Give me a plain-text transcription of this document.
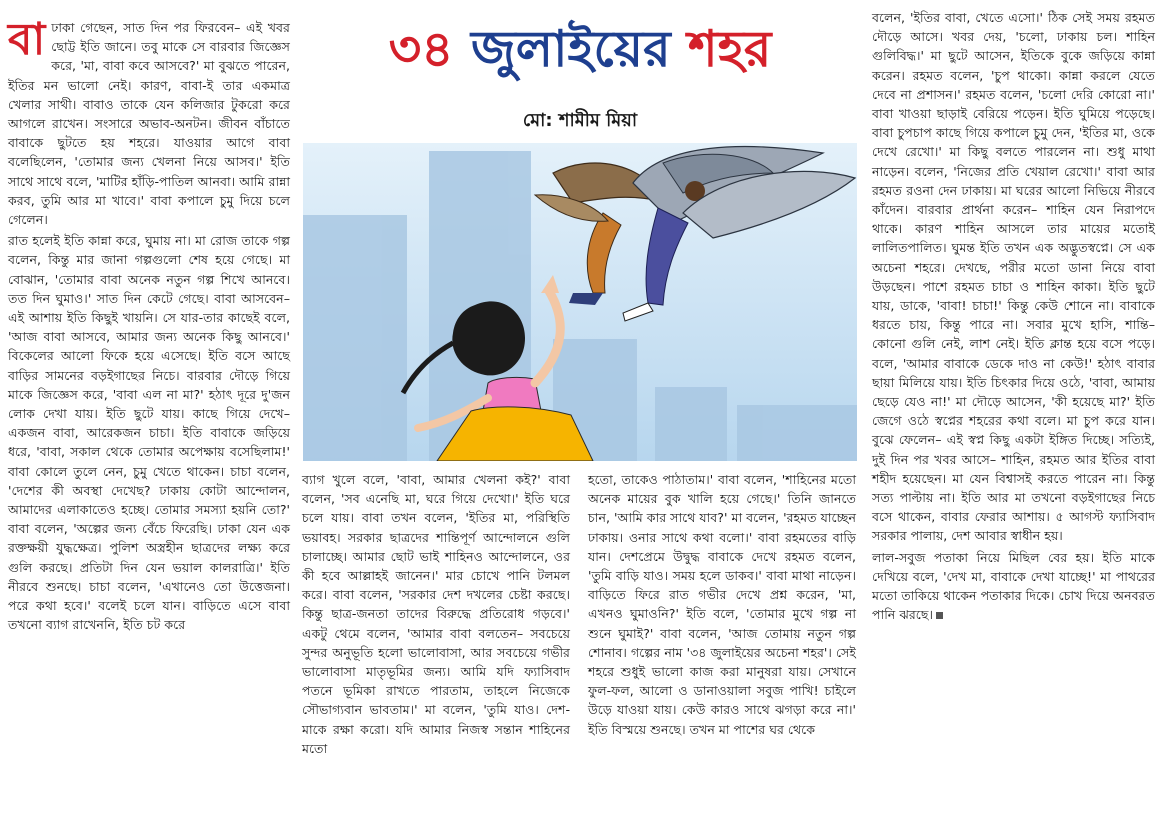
৩৪ জুলাইয়ের শহর
মো: শামীম মিয়া
বা ঢাকা গেছেন, সাত দিন পর ফিরবেন– এই খবর ছোট্ট ইতি জানে। তবু মাকে সে বারবার জিজ্ঞেস করে, 'মা, বাবা কবে আসবে?' মা বুঝতে পারেন, ইতির মন ভালো নেই। কারণ, বাবা-ই তার একমাত্র খেলার সাথী। বাবাও তাকে যেন কলিজার টুকরো করে আগলে রাখেন। সংসারে অভাব-অনটন। জীবন বাঁচাতে বাবাকে ছুটতে হয় শহরে। যাওয়ার আগে বাবা বলেছিলেন, 'তোমার জন্য খেলনা নিয়ে আসব।' ইতি সাথে সাথে বলে, 'মাটির হাঁড়ি-পাতিল আনবা। আমি রান্না করব, তুমি আর মা খাবে।' বাবা কপালে চুমু দিয়ে চলে গেলেন।

রাত হলেই ইতি কান্না করে, ঘুমায় না। মা রোজ তাকে গল্প বলেন, কিন্তু মার জানা গল্পগুলো শেষ হয়ে গেছে। মা বোঝান, 'তোমার বাবা অনেক নতুন গল্প শিখে আনবে। তত দিন ঘুমাও।' সাত দিন কেটে গেছে। বাবা আসবেন– এই আশায় ইতি কিছুই খায়নি। সে যার-তার কাছেই বলে, 'আজ বাবা আসবে, আমার জন্য অনেক কিছু আনবে।' বিকেলের আলো ফিকে হয়ে এসেছে। ইতি বসে আছে বাড়ির সামনের বড়ইগাছের নিচে। বারবার দৌড়ে গিয়ে মাকে জিজ্ঞেস করে, 'বাবা এল না মা?' হঠাৎ দূরে দু'জন লোক দেখা যায়। ইতি ছুটে যায়। কাছে গিয়ে দেখে– একজন বাবা, আরেকজন চাচা। ইতি বাবাকে জড়িয়ে ধরে, 'বাবা, সকাল থেকে তোমার অপেক্ষায় বসেছিলাম!' বাবা কোলে তুলে নেন, চুমু খেতে থাকেন। চাচা বলেন, 'দেশের কী অবস্থা দেখেছ? ঢাকায় কোটা আন্দোলন, আমাদের এলাকাতেও হচ্ছে। তোমার সমস্যা হয়নি তো?' বাবা বলেন, 'অল্পের জন্য বেঁচে ফিরেছি। ঢাকা যেন এক রক্তক্ষয়ী যুদ্ধক্ষেত্র। পুলিশ অস্ত্রহীন ছাত্রদের লক্ষ্য করে গুলি করছে। প্রতিটা দিন যেন ভয়াল কালরাত্রি।' ইতি নীরবে শুনছে। চাচা বলেন, 'এখানেও তো উত্তেজনা। পরে কথা হবে।' বলেই চলে যান। বাড়িতে এসে বাবা তখনো ব্যাগ রাখেননি, ইতি চট করে

ব্যাগ খুলে বলে, 'বাবা, আমার খেলনা কই?' বাবা বলেন, 'সব এনেছি মা, ঘরে গিয়ে দেখো।' ইতি ঘরে চলে যায়। বাবা তখন বলেন, 'ইতির মা, পরিস্থিতি ভয়াবহ। সরকার ছাত্রদের শান্তিপূর্ণ আন্দোলনে গুলি চালাচ্ছে। আমার ছোট ভাই শাহিনও আন্দোলনে, ওর কী হবে আল্লাহই জানেন।' মার চোখে পানি টলমল করে। বাবা বলেন, 'সরকার দেশ দখলের চেষ্টা করছে। কিন্তু ছাত্র-জনতা তাদের বিরুদ্ধে প্রতিরোধ গড়বে।' একটু থেমে বলেন, 'আমার বাবা বলতেন– সবচেয়ে সুন্দর অনুভূতি হলো ভালোবাসা, আর সবচেয়ে গভীর ভালোবাসা মাতৃভূমির জন্য। আমি যদি ফ্যাসিবাদ পতনে ভূমিকা রাখতে পারতাম, তাহলে নিজেকে সৌভাগ্যবান ভাবতাম।' মা বলেন, 'তুমি যাও। দেশ-মাকে রক্ষা করো। যদি আমার নিজস্ব সন্তান শাহিনের মতো

হতো, তাকেও পাঠাতাম।' বাবা বলেন, 'শাহিনের মতো অনেক মায়ের বুক খালি হয়ে গেছে।' তিনি জানতে চান, 'আমি কার সাথে যাব?' মা বলেন, 'রহমত যাচ্ছেন ঢাকায়। ওনার সাথে কথা বলো।' বাবা রহমতের বাড়ি যান। দেশপ্রেমে উদ্বুদ্ধ বাবাকে দেখে রহমত বলেন, 'তুমি বাড়ি যাও। সময় হলে ডাকব।' বাবা মাথা নাড়েন। বাড়িতে ফিরে রাত গভীর দেখে প্রশ্ন করেন, 'মা, এখনও ঘুমাওনি?' ইতি বলে, 'তোমার মুখে গল্প না শুনে ঘুমাই?' বাবা বলেন, 'আজ তোমায় নতুন গল্প শোনাব। গল্পের নাম '৩৪ জুলাইয়ের অচেনা শহর'। সেই শহরে শুধুই ভালো কাজ করা মানুষরা যায়। সেখানে ফুল-ফল, আলো ও ডানাওয়ালা সবুজ পাখি! চাইলে উড়ে যাওয়া যায়। কেউ কারও সাথে ঝগড়া করে না।' ইতি বিস্ময়ে শুনছে। তখন মা পাশের ঘর থেকে

বলেন, 'ইতির বাবা, খেতে এসো।' ঠিক সেই সময় রহমত দৌড়ে আসে। খবর দেয়, 'চলো, ঢাকায় চল। শাহিন গুলিবিদ্ধ।' মা ছুটে আসেন, ইতিকে বুকে জড়িয়ে কান্না করেন। রহমত বলেন, 'চুপ থাকো। কান্না করলে যেতে দেবে না প্রশাসন।' রহমত বলেন, 'চলো দেরি কোরো না।' বাবা খাওয়া ছাড়াই বেরিয়ে পড়েন। ইতি ঘুমিয়ে পড়েছে। বাবা চুপচাপ কাছে গিয়ে কপালে চুমু দেন, 'ইতির মা, ওকে দেখে রেখো।' মা কিছু বলতে পারলেন না। শুধু মাথা নাড়েন। বলেন, 'নিজের প্রতি খেয়াল রেখো।' বাবা আর রহমত রওনা দেন ঢাকায়। মা ঘরের আলো নিভিয়ে নীরবে কাঁদেন। বারবার প্রার্থনা করেন– শাহিন যেন নিরাপদে থাকে। কারণ শাহিন আসলে তার মায়ের মতোই লালিতপালিত। ঘুমন্ত ইতি তখন এক অদ্ভুতস্বপ্নে। সে এক অচেনা শহরে। দেখছে, পরীর মতো ডানা নিয়ে বাবা উড়ছেন। পাশে রহমত চাচা ও শাহিন কাকা। ইতি ছুটে যায়, ডাকে, 'বাবা! চাচা!' কিন্তু কেউ শোনে না। বাবাকে ধরতে চায়, কিন্তু পারে না। সবার মুখে হাসি, শান্তি– কোনো গুলি নেই, লাশ নেই। ইতি ক্লান্ত হয়ে বসে পড়ে। বলে, 'আমার বাবাকে ডেকে দাও না কেউ!' হঠাৎ বাবার ছায়া মিলিয়ে যায়। ইতি চিৎকার দিয়ে ওঠে, 'বাবা, আমায় ছেড়ে যেও না!' মা দৌড়ে আসেন, 'কী হয়েছে মা?' ইতি জেগে ওঠে স্বপ্নের শহরের কথা বলে। মা চুপ করে যান। বুঝে ফেলেন– এই স্বপ্ন কিছু একটা ইঙ্গিত দিচ্ছে। সত্যিই, দুই দিন পর খবর আসে– শাহিন, রহমত আর ইতির বাবা শহীদ হয়েছেন। মা যেন বিশ্বাসই করতে পারেন না। কিন্তু সত্য পাল্টায় না। ইতি আর মা তখনো বড়ইগাছের নিচে বসে থাকেন, বাবার ফেরার আশায়। ৫ আগস্ট ফ্যাসিবাদ সরকার পালায়, দেশ আবার স্বাধীন হয়।

লাল-সবুজ পতাকা নিয়ে মিছিল বের হয়। ইতি মাকে দেখিয়ে বলে, 'দেখ মা, বাবাকে দেখা যাচ্ছে!' মা পাথরের মতো তাকিয়ে থাকেন পতাকার দিকে। চোখ দিয়ে অনবরত পানি ঝরছে।
